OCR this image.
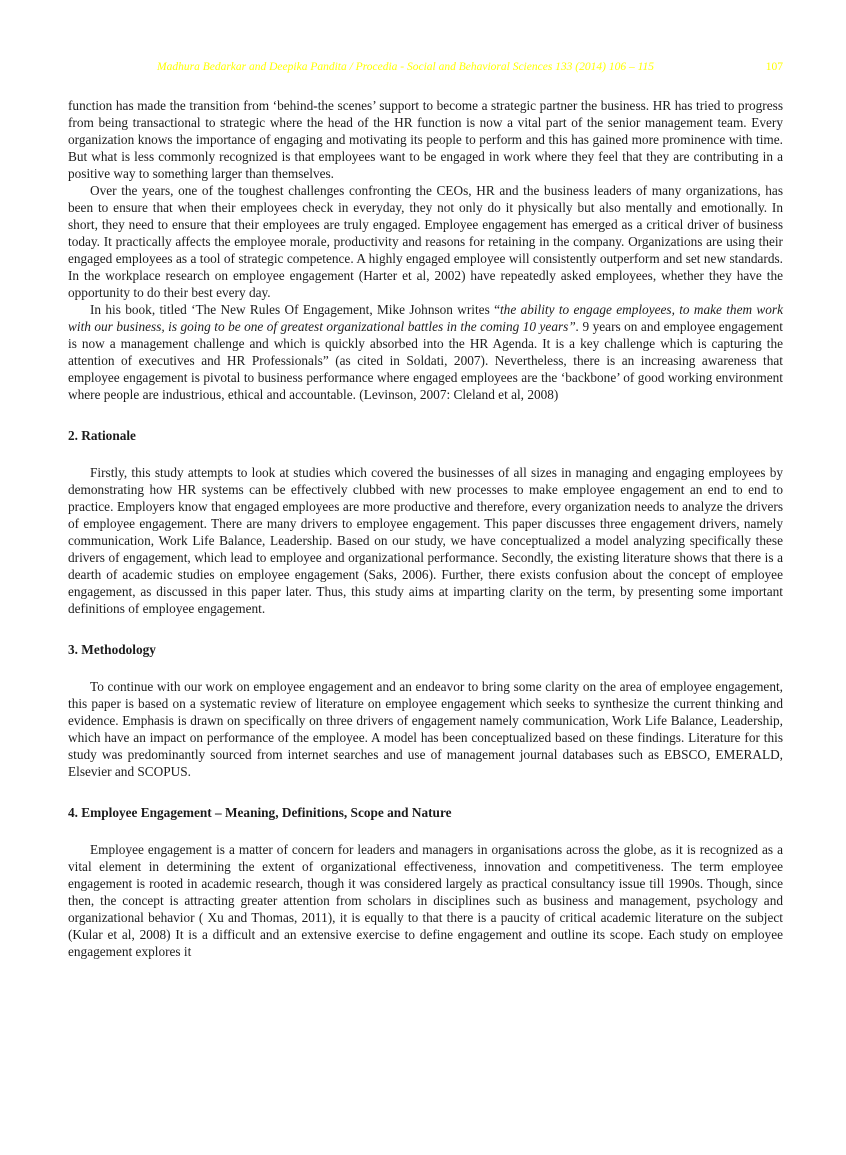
Madhura Bedarkar and Deepika Pandita / Procedia - Social and Behavioral Sciences 133 (2014) 106 – 115	107

function has made the transition from ‘behind-the scenes’ support to become a strategic partner the business. HR has tried to progress from being transactional to strategic where the head of the HR function is now a vital part of the senior management team. Every organization knows the importance of engaging and motivating its people to perform and this has gained more prominence with time. But what is less commonly recognized is that employees want to be engaged in work where they feel that they are contributing in a positive way to something larger than themselves.

Over the years, one of the toughest challenges confronting the CEOs, HR and the business leaders of many organizations, has been to ensure that when their employees check in everyday, they not only do it physically but also mentally and emotionally. In short, they need to ensure that their employees are truly engaged. Employee engagement has emerged as a critical driver of business today. It practically affects the employee morale, productivity and reasons for retaining in the company. Organizations are using their engaged employees as a tool of strategic competence. A highly engaged employee will consistently outperform and set new standards. In the workplace research on employee engagement (Harter et al, 2002) have repeatedly asked employees, whether they have the opportunity to do their best every day.

In his book, titled ‘The New Rules Of Engagement, Mike Johnson writes “the ability to engage employees, to make them work with our business, is going to be one of greatest organizational battles in the coming 10 years”. 9 years on and employee engagement is now a management challenge and which is quickly absorbed into the HR Agenda. It is a key challenge which is capturing the attention of executives and HR Professionals” (as cited in Soldati, 2007). Nevertheless, there is an increasing awareness that employee engagement is pivotal to business performance where engaged employees are the ‘backbone’ of good working environment where people are industrious, ethical and accountable. (Levinson, 2007: Cleland et al, 2008)

2. Rationale

Firstly, this study attempts to look at studies which covered the businesses of all sizes in managing and engaging employees by demonstrating how HR systems can be effectively clubbed with new processes to make employee engagement an end to end to practice. Employers know that engaged employees are more productive and therefore, every organization needs to analyze the drivers of employee engagement. There are many drivers to employee engagement. This paper discusses three engagement drivers, namely communication, Work Life Balance, Leadership. Based on our study, we have conceptualized a model analyzing specifically these drivers of engagement, which lead to employee and organizational performance. Secondly, the existing literature shows that there is a dearth of academic studies on employee engagement (Saks, 2006). Further, there exists confusion about the concept of employee engagement, as discussed in this paper later. Thus, this study aims at imparting clarity on the term, by presenting some important definitions of employee engagement.

3. Methodology

To continue with our work on employee engagement and an endeavor to bring some clarity on the area of employee engagement, this paper is based on a systematic review of literature on employee engagement which seeks to synthesize the current thinking and evidence. Emphasis is drawn on specifically on three drivers of engagement namely communication, Work Life Balance, Leadership, which have an impact on performance of the employee. A model has been conceptualized based on these findings. Literature for this study was predominantly sourced from internet searches and use of management journal databases such as EBSCO, EMERALD, Elsevier and SCOPUS.

4. Employee Engagement – Meaning, Definitions, Scope and Nature

Employee engagement is a matter of concern for leaders and managers in organisations across the globe, as it is recognized as a vital element in determining the extent of organizational effectiveness, innovation and competitiveness. The term employee engagement is rooted in academic research, though it was considered largely as practical consultancy issue till 1990s. Though, since then, the concept is attracting greater attention from scholars in disciplines such as business and management, psychology and organizational behavior ( Xu and Thomas, 2011), it is equally to that there is a paucity of critical academic literature on the subject (Kular et al, 2008) It is a difficult and an extensive exercise to define engagement and outline its scope. Each study on employee engagement explores it
